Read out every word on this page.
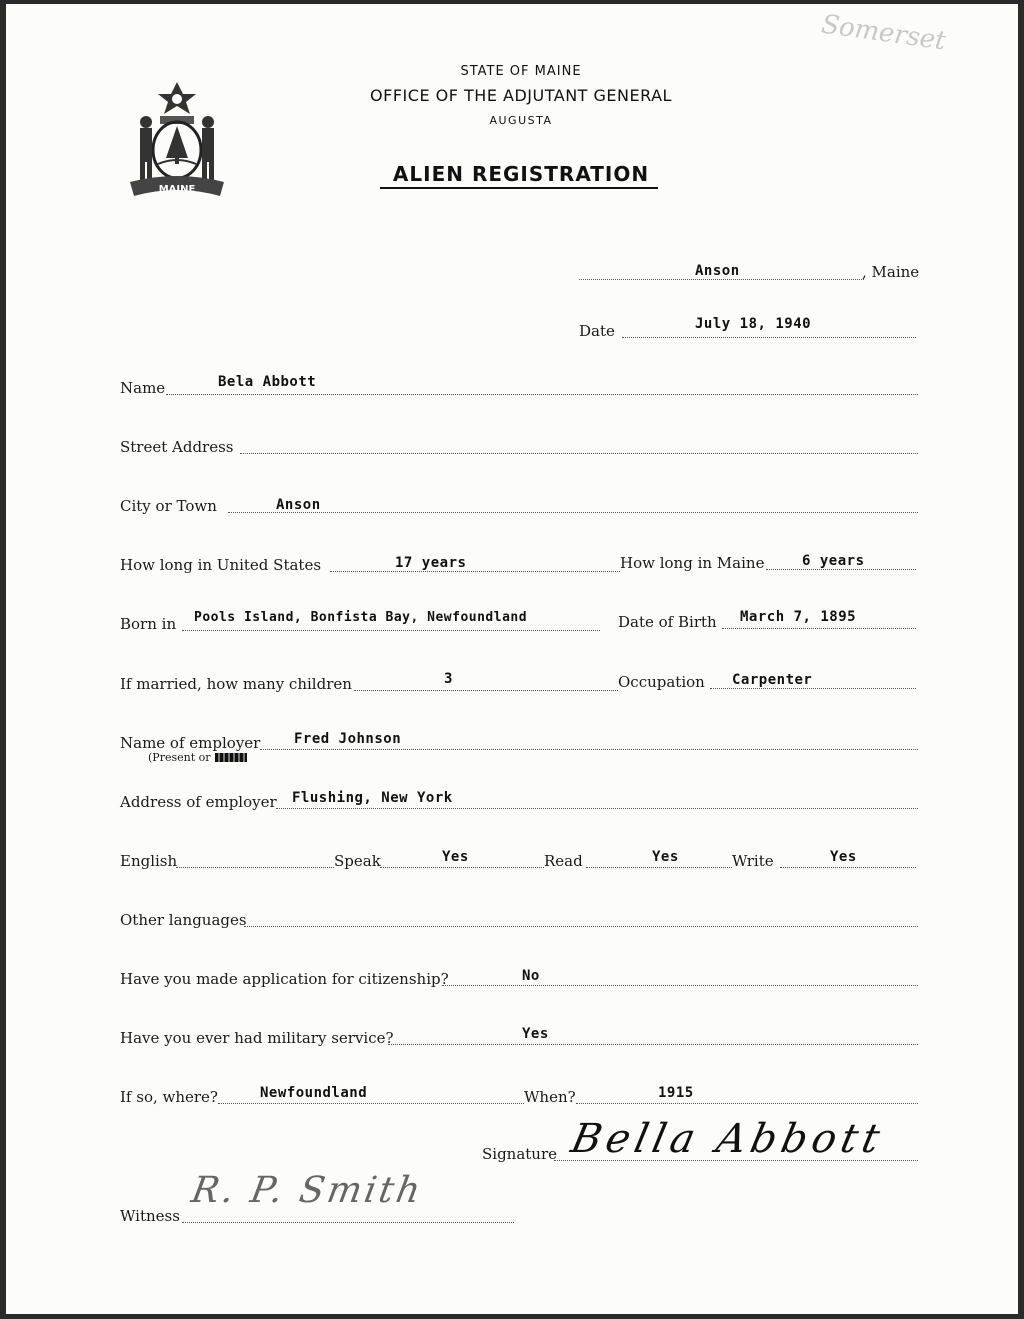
Somerset
MAINE
STATE OF MAINE
OFFICE OF THE ADJUTANT GENERAL
AUGUSTA
ALIEN REGISTRATION
Anson	, Maine
Date	July 18, 1940
Name	Bela Abbott
Street Address
City or Town	Anson
How long in United States	17 years	How long in Maine	6 years
Born in Pools Island, Bonfista Bay, Newfoundland	Date of Birth March 7, 1895
If married, how many children	3	Occupation Carpenter
Name of employer Fred Johnson
(Present or
Address of employer Flushing, New York
English	Speak	Yes	Read	Yes	Write	Yes
Other languages
Have you made application for citizenship?	No
Have you ever had military service?	Yes
If so, where?	Newfoundland	When?	1915
Signature Bella Abbott
Witness
R. P. Smith
